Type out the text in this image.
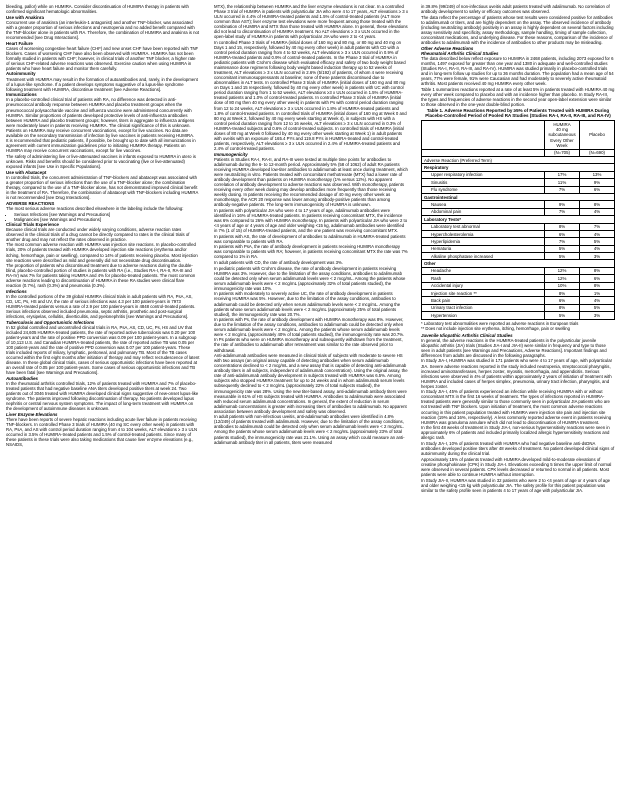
bleeding, pallor) while on HUMIRA. Consider discontinuation of HUMIRA therapy in patients with confirmed significant hematologic abnormalities.

Use with Anakinra

Concurrent use of anakinra (an interleukin-1 antagonist) and another TNF-blocker, was associated with a greater proportion of serious infections and neutropenia and no added benefit compared with the TNF-blocker alone in patients with RA. Therefore, the combination of HUMIRA and anakinra is not recommended [see Drug Interactions].

Heart Failure

Cases of worsening congestive heart failure (CHF) and new onset CHF have been reported with TNF blockers. Cases of worsening CHF have also been observed with HUMIRA. HUMIRA has not been formally studied in patients with CHF; however, in clinical trials of another TNF blocker, a higher rate of serious CHF-related adverse reactions was observed. Exercise caution when using HUMIRA in patients who have heart failure and monitor them carefully.

Autoimmunity

Treatment with HUMIRA may result in the formation of autoantibodies and, rarely, in the development of a lupus-like syndrome. If a patient develops symptoms suggestive of a lupus-like syndrome following treatment with HUMIRA, discontinue treatment [see Adverse Reactions].

Immunizations

In a placebo-controlled clinical trial of patients with RA, no difference was detected in anti-pneumococcal antibody response between HUMIRA and placebo treatment groups when the pneumococcal polysaccharide vaccine and influenza vaccine were administered concurrently with HUMIRA. Similar proportions of patients developed protective levels of anti-influenza antibodies between HUMIRA and placebo treatment groups; however, titers in aggregate to influenza antigens were moderately lower in patients receiving HUMIRA. The clinical significance of this is unknown. Patients on HUMIRA may receive concurrent vaccinations, except for live vaccines. No data are available on the secondary transmission of infection by live vaccines in patients receiving HUMIRA.

It is recommended that pediatric patients, if possible, be brought up to date with all immunizations in agreement with current immunization guidelines prior to initiating HUMIRA therapy. Patients on HUMIRA may receive concurrent vaccinations, except for live vaccines.

The safety of administering live or live-attenuated vaccines in infants exposed to HUMIRA in utero is unknown. Risks and benefits should be considered prior to vaccinating (live or live-attenuated) exposed infants [see Use in Specific Populations].

Use with Abatacept

In controlled trials, the concurrent administration of TNF-blockers and abatacept was associated with a greater proportion of serious infections than the use of a TNF-blocker alone; the combination therapy, compared to the use of a TNF-blocker alone, has not demonstrated improved clinical benefit in the treatment of RA. Therefore, the combination of abatacept with TNF-blockers including HUMIRA is not recommended [see Drug Interactions].

ADVERSE REACTIONS

The most serious adverse reactions described elsewhere in the labeling include the following:

• Serious Infections [see Warnings and Precautions]
• Malignancies [see Warnings and Precautions]
Clinical Trials Experience

Because clinical trials are conducted under widely varying conditions, adverse reaction rates observed in the clinical trials of a drug cannot be directly compared to rates in the clinical trials of another drug and may not reflect the rates observed in practice.

The most common adverse reaction with HUMIRA was injection site reactions. In placebo-controlled trials, 20% of patients treated with HUMIRA developed injection site reactions (erythema and/or itching, hemorrhage, pain or swelling), compared to 14% of patients receiving placebo. Most injection site reactions were described as mild and generally did not necessitate drug discontinuation.

The proportion of patients who discontinued treatment due to adverse reactions during the double-blind, placebo-controlled portion of studies in patients with RA (i.e., Studies RA-I, RA-II, RA-III and RA-IV) was 7% for patients taking HUMIRA and 4% for placebo-treated patients. The most common adverse reactions leading to discontinuation of HUMIRA in these RA studies were clinical flare reaction (0.7%), rash (0.3%) and pneumonia (0.3%).

Infections

In the controlled portions of the 39 global HUMIRA clinical trials in adult patients with RA, PsA, AS, CD, UC, Ps, HS and UV, the rate of serious infections was 4.3 per 100 patient-years in 7973 HUMIRA-treated patients versus a rate of 2.9 per 100 patient-years in 4848 control-treated patients. Serious infections observed included pneumonia, septic arthritis, prosthetic and post-surgical infections, erysipelas, cellulitis, diverticulitis, and pyelonephritis [see Warnings and Precautions].

Tuberculosis and Opportunistic Infections

In 52 global controlled and uncontrolled clinical trials in RA, PsA, AS, CD, UC, Ps, HS and UV that included 24,605 HUMIRA-treated patients, the rate of reported active tuberculosis was 0.20 per 100 patient-years and the rate of positive PPD conversion was 0.09 per 100 patient-years. In a subgroup of 10,113 U.S. and Canadian HUMIRA-treated patients, the rate of reported active TB was 0.05 per 100 patient-years and the rate of positive PPD conversion was 0.07 per 100 patient-years. These trials included reports of miliary, lymphatic, peritoneal, and pulmonary TB. Most of the TB cases occurred within the first eight months after initiation of therapy and may reflect recrudescence of latent disease. In these global clinical trials, cases of serious opportunistic infections have been reported at an overall rate of 0.05 per 100 patient-years. Some cases of serious opportunistic infections and TB have been fatal [see Warnings and Precautions].

Autoantibodies

In the rheumatoid arthritis controlled trials, 12% of patients treated with HUMIRA and 7% of placebo-treated patients that had negative baseline ANA titers developed positive titers at week 24. Two patients out of 3046 treated with HUMIRA developed clinical signs suggestive of new-onset lupus-like syndrome. The patients improved following discontinuation of therapy. No patients developed lupus nephritis or central nervous system symptoms. The impact of long-term treatment with HUMIRA on the development of autoimmune diseases is unknown.

Liver Enzyme Elevations

There have been reports of severe hepatic reactions including acute liver failure in patients receiving TNF-blockers. In controlled Phase 3 trials of HUMIRA (40 mg SC every other week) in patients with RA, PsA, and AS with control period duration ranging from 4 to 104 weeks, ALT elevations ≥ 3 x ULN occurred in 3.5% of HUMIRA-treated patients and 1.5% of control-treated patients. Since many of these patients in these trials were also taking medications that cause liver enzyme elevations (e.g., NSAIDS,

MTX), the relationship between HUMIRA and the liver enzyme elevations is not clear. In a controlled Phase 3 trial of HUMIRA in patients with polyarticular JIA who were 4 to 17 years, ALT elevations ≥ 3 x ULN occurred in 4.4% of HUMIRA-treated patients and 1.5% of control-treated patients (ALT more common than AST); liver enzyme test elevations were more frequent among those treated with the combination of HUMIRA and MTX than those treated with HUMIRA alone. In general, these elevations did not lead to discontinuation of HUMIRA treatment. No ALT elevations ≥ 3 x ULN occurred in the open-label study of HUMIRA in patients with polyarticular JIA who were 2 to <4 years.

In controlled Phase 3 trials of HUMIRA (initial doses of 160 mg and 80 mg, or 80 mg and 40 mg on Days 1 and 15, respectively, followed by 40 mg every other week) in adult patients with CD with a control period duration ranging from 4 to 52 weeks, ALT elevations ≥ 3 x ULN occurred in 0.9% of HUMIRA-treated patients and 0.9% of control-treated patients. In the Phase 3 trial of HUMIRA in pediatric patients with Crohn's disease which evaluated efficacy and safety of two body weight based maintenance dose regimens following body weight based induction therapy up to 52 weeks of treatment, ALT elevations ≥ 3 x ULN occurred in 2.6% (5/192) of patients, of whom 4 were receiving concomitant immunosuppressants at baseline; none of these patients discontinued due to abnormalities in ALT tests. In controlled Phase 3 trials of HUMIRA (initial doses of 160 mg and 80 mg on Days 1 and 15 respectively, followed by 40 mg every other week) in patients with UC with control period duration ranging from 1 to 52 weeks, ALT elevations ≥3 x ULN occurred in 1.5% of HUMIRA-treated patients and 1.0% of control-treated patients. In controlled Phase 3 trials of HUMIRA (initial dose of 80 mg then 40 mg every other week) in patients with Ps with control period duration ranging from 12 to 24 weeks, ALT elevations ≥ 3 x ULN occurred in 1.8% of HUMIRA-treated patients and 1.8% of control-treated patients. In controlled trials of HUMIRA (initial doses of 160 mg at Week 0 and 80 mg at Week 2, followed by 40 mg every week starting at Week 4), in subjects with HS with a control period duration ranging from 12 to 16 weeks, ALT elevations ≥ 3 x ULN occurred in 0.3% of HUMIRA-treated subjects and 0.6% of control-treated subjects. In controlled trials of HUMIRA (initial doses of 80 mg at Week 0 followed by 40 mg every other week starting at Week 1) in adult patients with uveitis with an exposure of 165.4 PYs and 119.8 PYs in HUMIRA-treated and control-treated patients, respectively, ALT elevations ≥ 3 x ULN occurred in 2.4% of HUMIRA-treated patients and 2.4% of control-treated patients.

Immunogenicity

Patients in Studies RA-I, RA-II, and RA-III were tested at multiple time points for antibodies to adalimumab during the 6- to 12-month period. Approximately 5% (58 of 1062) of adult RA patients receiving HUMIRA developed low-titer antibodies to adalimumab at least once during treatment, which were neutralizing in vitro. Patients treated with concomitant methotrexate (MTX) had a lower rate of antibody development than patients on HUMIRA monotherapy (1% versus 12%). No apparent correlation of antibody development to adverse reactions was observed. With monotherapy, patients receiving every other week dosing may develop antibodies more frequently than those receiving weekly dosing. In patients receiving the recommended dosage of 40 mg every other week as monotherapy, the ACR 20 response was lower among antibody-positive patients than among antibody-negative patients. The long-term immunogenicity of HUMIRA is unknown.

In patients with polyarticular JIA who were 4 to 17 years of age, adalimumab antibodies were identified in 16% of HUMIRA-treated patients. In patients receiving concomitant MTX, the incidence was 6% compared to 26% with HUMIRA monotherapy. In patients with polyarticular JIA who were 2 to <4 years of age or 4 years of age and older weighing <15 kg, adalimumab antibodies were identified in 7% (1 of 15) of HUMIRA-treated patients, and the one patient was receiving concomitant MTX.

In patients with AS, the rate of development of antibodies to adalimumab in HUMIRA-treated patients was comparable to patients with RA.

In patients with PsA, the rate of antibody development in patients receiving HUMIRA monotherapy was comparable to patients with RA; however, in patients receiving concomitant MTX the rate was 7% compared to 1% in RA.

In adult patients with CD, the rate of antibody development was 3%.

In pediatric patients with Crohn's disease, the rate of antibody development in patients receiving HUMIRA was 3%. However, due to the limitation of the assay conditions, antibodies to adalimumab could be detected only when serum adalimumab levels were < 2 mcg/mL. Among the patients whose serum adalimumab levels were < 2 mcg/mL (approximately 32% of total patients studied), the immunogenicity rate was 10%.

In patients with moderately to severely active UC, the rate of antibody development in patients receiving HUMIRA was 5%. However, due to the limitation of the assay conditions, antibodies to adalimumab could be detected only when serum adalimumab levels were < 2 mcg/mL. Among the patients whose serum adalimumab levels were < 2 mcg/mL (approximately 25% of total patients studied), the immunogenicity rate was 20.7%.

In patients with Ps, the rate of antibody development with HUMIRA monotherapy was 8%. However, due to the limitation of the assay conditions, antibodies to adalimumab could be detected only when serum adalimumab levels were < 2 mcg/mL. Among the patients whose serum adalimumab levels were < 2 mcg/mL (approximately 40% of total patients studied), the immunogenicity rate was 20.7%. In Ps patients who were on HUMIRA monotherapy and subsequently withdrawn from the treatment, the rate of antibodies to adalimumab after retreatment was similar to the rate observed prior to withdrawal.

Anti-adalimumab antibodies were measured in clinical trials of subjects with moderate to severe HS with two assays (an original assay capable of detecting antibodies when serum adalimumab concentrations declined to < 2 mcg/mL and a new assay that is capable of detecting anti-adalimumab antibody titers in all subjects, independent of adalimumab concentration). Using the original assay, the rate of anti-adalimumab antibody development in subjects treated with HUMIRA was 6.5%. Among subjects who stopped HUMIRA treatment for up to 24 weeks and in whom adalimumab serum levels subsequently declined to < 2 mcg/mL (approximately 22% of total subjects studied), the immunogenicity rate was 28%. Using the new titer-based assay, anti-adalimumab antibody titers were measurable in 61% of HS subjects treated with HUMIRA. Antibodies to adalimumab were associated with reduced serum adalimumab concentrations. In general, the extent of reduction in serum adalimumab concentrations is greater with increasing titers of antibodies to adalimumab. No apparent association between antibody development and safety was observed.

In adult patients with non-infectious uveitis, anti-adalimumab antibodies were identified in 4.8% (12/249) of patients treated with adalimumab. However, due to the limitation of the assay conditions, antibodies to adalimumab could be detected only when serum adalimumab levels were < 2 mcg/mL. Among the patients whose serum adalimumab levels were < 2 mcg/mL (approximately 23% of total patients studied), the immunogenicity rate was 21.1%. Using an assay which could measure an anti-adalimumab antibody titer in all patients, titers were measured

in 39.8% (99/249) of non-infectious uveitis adult patients treated with adalimumab. No correlation of antibody development to safety or efficacy outcomes was observed.

The data reflect the percentage of patients whose test results were considered positive for antibodies to adalimumab or titers, and are highly dependent on the assay. The observed incidence of antibody (including neutralizing antibody) positivity in an assay is highly dependent on several factors including assay sensitivity and specificity, assay methodology, sample handling, timing of sample collection, concomitant medications, and underlying disease. For these reasons, comparison of the incidence of antibodies to adalimumab with the incidence of antibodies to other products may be misleading.

Other Adverse Reactions
Rheumatoid Arthritis Clinical Studies

The data described below reflect exposure to HUMIRA in 2468 patients, including 2073 exposed for 6 months, 1497 exposed for greater than one year and 1380 in adequate and well-controlled studies (Studies RA-I, RA-II, RA-III, and RA-IV). HUMIRA was studied primarily in placebo-controlled trials and in long-term follow up studies for up to 36 months duration. The population had a mean age of 54 years, 77% were female, 91% were Caucasian and had moderately to severely active rheumatoid arthritis. Most patients received 40 mg HUMIRA every other week.

Table 1 summarizes reactions reported at a rate of at least 5% in patients treated with HUMIRA 40 mg every other week compared to placebo and with an incidence higher than placebo. In Study RA-III, the types and frequencies of adverse reactions in the second year open-label extension were similar to those observed in the one-year double-blind portion.

Table 1. Adverse Reactions Reported by ≥5% of Patients Treated with HUMIRA During Placebo-Controlled Period of Pooled RA Studies (Studies RA-I, RA-II, RA-III, and RA-IV)
	HUMIRA
40 mg subcutaneous
Every Other Week	Placebo
	(N=705)	(N=690)
Adverse Reaction (Preferred Term)		
Respiratory		
Upper respiratory infection	17%	13%
Sinusitis	11%	9%
Flu syndrome	7%	6%
Gastrointestinal		
Nausea	9%	8%
Abdominal pain	7%	4%
Laboratory Tests*		
Laboratory test abnormal	8%	7%
Hypercholesterolemia	6%	4%
Hyperlipidemia	7%	5%
Hematuria	5%	4%
Alkaline phosphatase increased	5%	3%
Other		
Headache	12%	8%
Rash	12%	6%
Accidental injury	10%	8%
Injection site reaction **	8%	1%
Back pain	6%	4%
Urinary tract infection	8%	5%
Hypertension	5%	3%
* Laboratory test abnormalities were reported as adverse reactions in European trials
** Does not include injection site erythema, itching, hemorrhage, pain or swelling
Juvenile Idiopathic Arthritis Clinical Studies

In general, the adverse reactions in the HUMIRA-treated patients in the polyarticular juvenile idiopathic arthritis (JIA) trials (Studies JIA-I and JIA-II) were similar in frequency and type to those seen in adult patients [see Warnings and Precautions, Adverse Reactions]. Important findings and differences from adults are discussed in the following paragraphs.

In Study JIA-I, HUMIRA was studied in 171 patients who were 4 to 17 years of age, with polyarticular JIA. Severe adverse reactions reported in the study included neutropenia, streptococcal pharyngitis, increased aminotransferases, herpes zoster, myositis, metrorrhagia, and appendicitis. Serious infections were observed in 4% of patients within approximately 2 years of initiation of treatment with HUMIRA and included cases of herpes simplex, pneumonia, urinary tract infection, pharyngitis, and herpes zoster.

In Study JIA-I, 45% of patients experienced an infection while receiving HUMIRA with or without concomitant MTX in the first 16 weeks of treatment. The types of infections reported in HUMIRA-treated patients were generally similar to those commonly seen in polyarticular JIA patients who are not treated with TNF blockers. Upon initiation of treatment, the most common adverse reactions occurring in this patient population treated with HUMIRA were injection site pain and injection site reaction (19% and 16%, respectively). A less commonly reported adverse event in patients receiving HUMIRA was granuloma annulare which did not lead to discontinuation of HUMIRA treatment.

In the first 48 weeks of treatment in Study JIA-I, non-serious hypersensitivity reactions were seen in approximately 6% of patients and included primarily localized allergic hypersensitivity reactions and allergic rash.

In Study JIA-I, 10% of patients treated with HUMIRA who had negative baseline anti-dsDNA antibodies developed positive titers after 48 weeks of treatment. No patient developed clinical signs of autoimmunity during the clinical trial.

Approximately 15% of patients treated with HUMIRA developed mild-to-moderate elevations of creatine phosphokinase (CPK) in Study JIA-I. Elevations exceeding 5 times the upper limit of normal were observed in several patients. CPK levels decreased or returned to normal in all patients. Most patients were able to continue HUMIRA without interruption.

In Study JIA-II, HUMIRA was studied in 32 patients who were 2 to <4 years of age or 4 years of age and older weighing <15 kg with polyarticular JIA. The safety profile for this patient population was similar to the safety profile seen in patients 4 to 17 years of age with polyarticular JIA.
